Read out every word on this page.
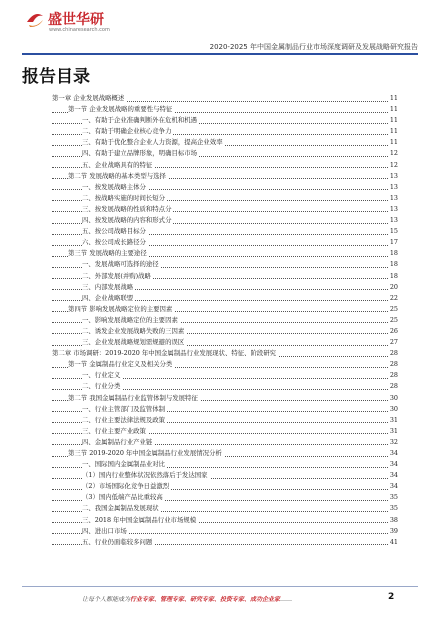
盛世华研
www.chinaresearch.com
2020-2025 年中国金属制品行业市场深度调研及发展战略研究报告
报告目录
第一章 企业发展战略概述	11
第一节 企业发展战略的重要性与特征	11
一、有助于企业准确判断外在危机和机遇	11
二、有助于明确企业核心竞争力	11
三、有助于优化整合企业人力资源，提高企业效率	11
四、有助于建立品牌形象，明确目标市场	12
五、企业战略具有的特征	12
第二节 发展战略的基本类型与选择	13
一、按发展战略主体分	13
二、按战略实施的时间长短分	13
三、按发展战略的性质和特点分	13
四、按发展战略的内容和形式分	13
五、按公司战略目标分	15
六、按公司成长路径分	17
第三节 发展战略的主要途径	18
一、发展战略可选择的途径	18
二、外部发展(并购)战略	18
三、内部发展战略	20
四、企业战略联盟	22
第四节 影响发展战略定位的主要因素	25
一、影响发展战略定位的主要因素	25
二、诱发企业发展战略失败的三因素	26
三、企业发展战略规划需规避的误区	27
第二章 市场调研：2019-2020 年中国金属制品行业发展现状、特征、阶段研究	28
第一节 金属制品行业定义及相关分类	28
一、行业定义	28
二、行业分类	28
第二节 我国金属制品行业监管体制与发展特征	30
一、行业主管部门及监管体制	30
二、行业主要法律法规及政策	31
三、行业主要产业政策	31
四、金属制品行业产业链	32
第三节 2019-2020 年中国金属制品行业发展情况分析	34
一、国际国内金属制品业对比	34
（1）国内行业整体状况依然落后于发达国家	34
（2）市场国际化竞争日益激烈	34
（3）国内低端产品比重较高	35
二、我国金属制品发展现状	35
三、2018 年中国金属制品行业市场规模	38
四、进出口市场	39
五、行业仍面临较多问题	41
让每个人都能成为行业专家、管理专家、研究专家、投资专家、成功企业家……	2
